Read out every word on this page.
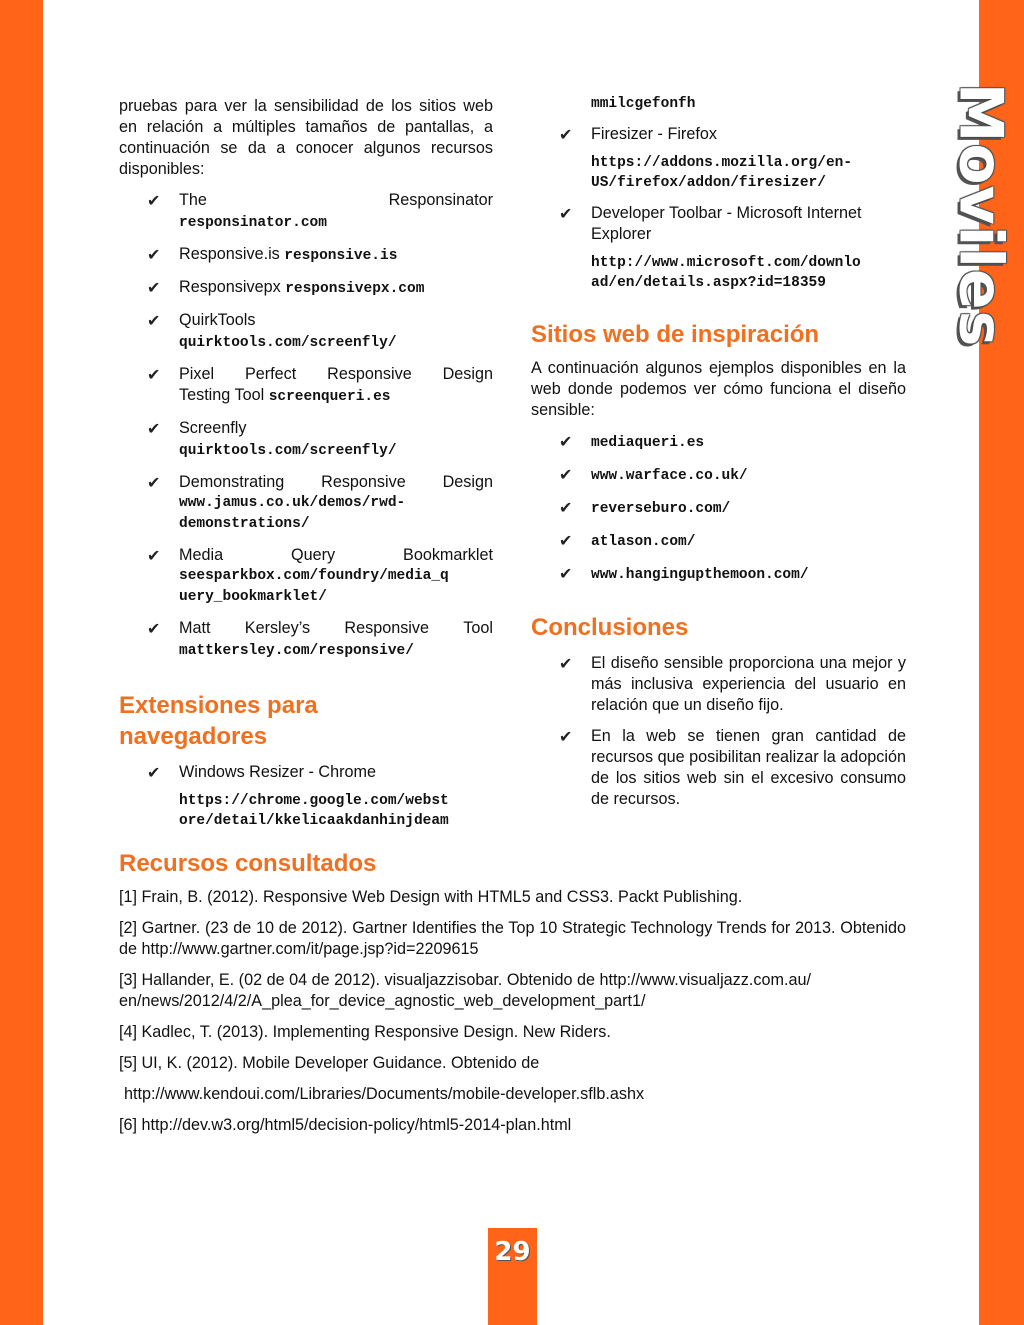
Moviles

pruebas para ver la sensibilidad de los sitios web en relación a múltiples tamaños de pantallas, a continuación se da a conocer algunos recursos disponibles:

✔ The	Responsinator
responsinator.com
✔ Responsive.is responsive.is
✔ Responsivepx responsivepx.com
✔ QuirkTools
quirktools.com/screenfly/
✔ Pixel Perfect Responsive Design
Testing Tool screenqueri.es
✔ Screenfly
quirktools.com/screenfly/
✔ Demonstrating Responsive Design
www.jamus.co.uk/demos/rwd-
demonstrations/
✔ Media	Query	Bookmarklet
seesparkbox.com/foundry/media_q
uery_bookmarklet/
✔ Matt Kersley’s Responsive Tool
mattkersley.com/responsive/
Extensiones para
navegadores
✔ Windows Resizer - Chrome
https://chrome.google.com/webst
ore/detail/kkelicaakdanhinjdeam
mmilcgefonfh
✔ Firesizer - Firefox
https://addons.mozilla.org/en-
US/firefox/addon/firesizer/
✔ Developer Toolbar - Microsoft Internet Explorer
http://www.microsoft.com/downlo
ad/en/details.aspx?id=18359
Sitios web de inspiración

A continuación algunos ejemplos disponibles en la web donde podemos ver cómo funciona el diseño sensible:

✔ mediaqueri.es
✔ www.warface.co.uk/
✔ reverseburo.com/
✔ atlason.com/
✔ www.hangingupthemoon.com/
Conclusiones
✔ El diseño sensible proporciona una mejor y más inclusiva experiencia del usuario en relación que un diseño fijo.

✔ En la web se tienen gran cantidad de recursos que posibilitan realizar la adopción de los sitios web sin el excesivo consumo de recursos.

Recursos consultados

[1] Frain, B. (2012). Responsive Web Design with HTML5 and CSS3. Packt Publishing.

[2] Gartner. (23 de 10 de 2012). Gartner Identifies the Top 10 Strategic Technology Trends for 2013. Obtenido de http://www.gartner.com/it/page.jsp?id=2209615

[3] Hallander, E. (02 de 04 de 2012). visualjazzisobar. Obtenido de http://www.visualjazz.com.au/
en/news/2012/4/2/A_plea_for_device_agnostic_web_development_part1/

[4] Kadlec, T. (2013). Implementing Responsive Design. New Riders.

[5] UI, K. (2012). Mobile Developer Guidance. Obtenido de

http://www.kendoui.com/Libraries/Documents/mobile-developer.sflb.ashx

[6] http://dev.w3.org/html5/decision-policy/html5-2014-plan.html

29
